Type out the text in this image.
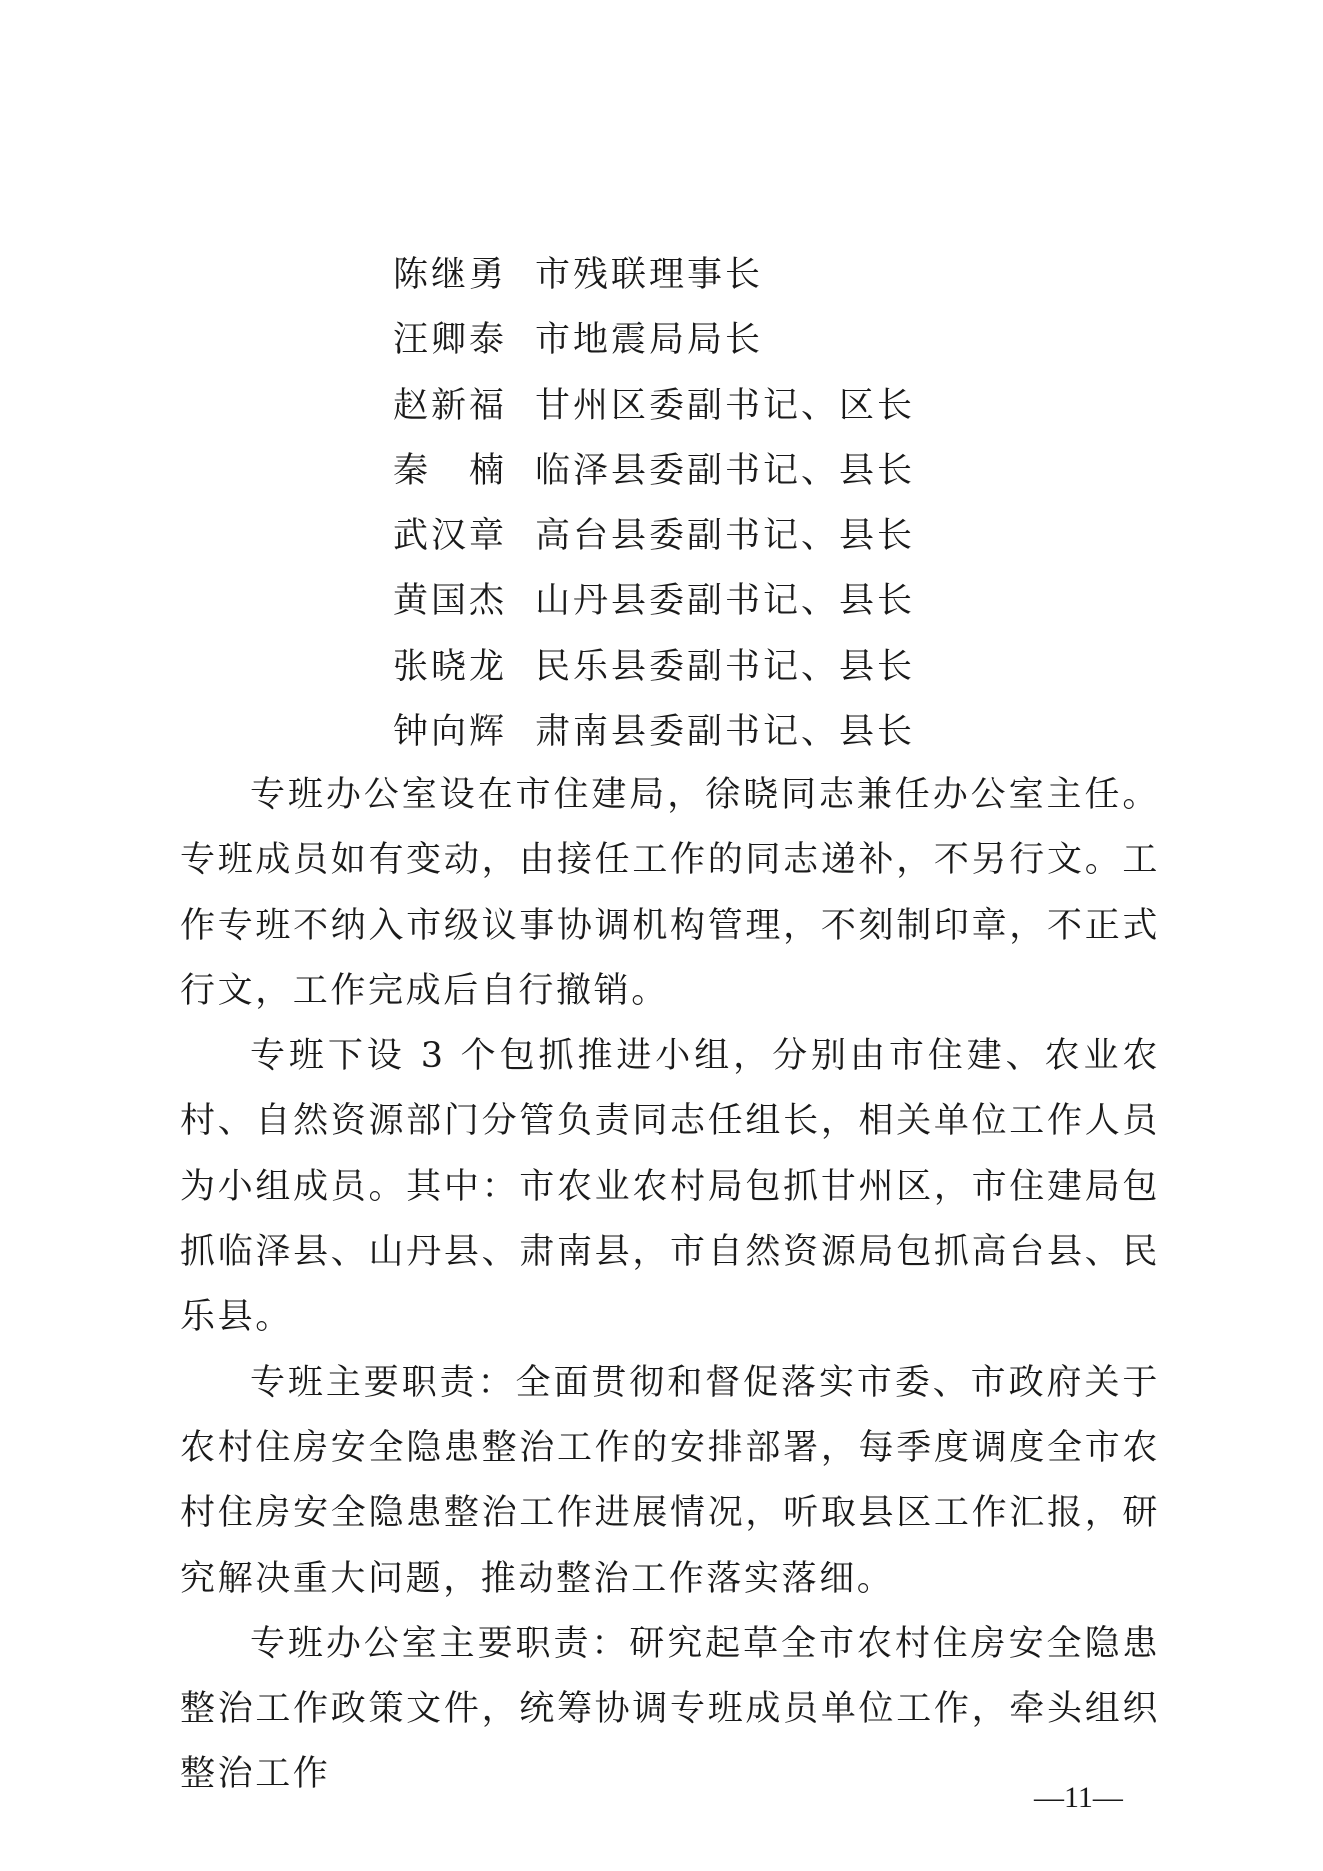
陈继勇 市残联理事长
汪卿泰 市地震局局长
赵新福 甘州区委副书记、区长
秦　楠 临泽县委副书记、县长
武汉章 高台县委副书记、县长
黄国杰 山丹县委副书记、县长
张晓龙 民乐县委副书记、县长
钟向辉 肃南县委副书记、县长

专班办公室设在市住建局，徐晓同志兼任办公室主任。专班成员如有变动，由接任工作的同志递补，不另行文。工作专班不纳入市级议事协调机构管理，不刻制印章，不正式行文，工作完成后自行撤销。

专班下设 3 个包抓推进小组，分别由市住建、农业农村、自然资源部门分管负责同志任组长，相关单位工作人员为小组成员。其中：市农业农村局包抓甘州区，市住建局包抓临泽县、山丹县、肃南县，市自然资源局包抓高台县、民乐县。

专班主要职责：全面贯彻和督促落实市委、市政府关于农村住房安全隐患整治工作的安排部署，每季度调度全市农村住房安全隐患整治工作进展情况，听取县区工作汇报，研究解决重大问题，推动整治工作落实落细。

专班办公室主要职责：研究起草全市农村住房安全隐患整治工作政策文件，统筹协调专班成员单位工作，牵头组织整治工作

—11—
